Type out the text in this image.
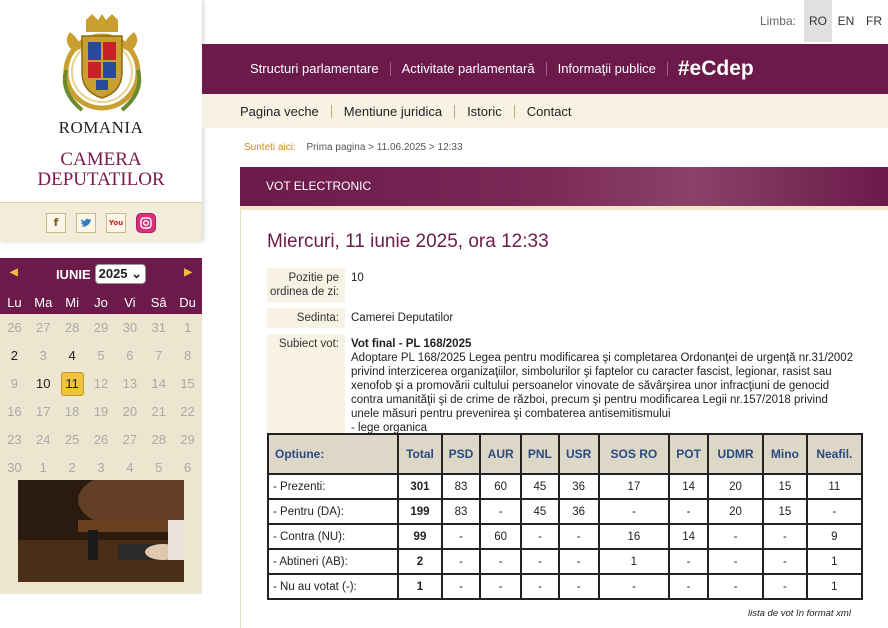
ROMANIA
CAMERA
DEPUTATILOR
f	You
◀	IUNIE 2025 ⌄	▶
Lu Ma Mi	Jo	Vi	Sâ Du
26	27	28	29	30	31	1
2	3	4	5	6	7	8
9	10	11	12	13	14	15
16	17	18	19	20	21	22
23	24	25	26	27	28	29
30	1	2	3	4	5	6
Limba:	RO EN FR
Structuri parlamentare	Activitate parlamentară	Informaţii publice	#eCdep
Pagina veche	Mentiune juridica	Istoric	Contact
Sunteti aici: Prima pagina > 11.06.2025 > 12:33
VOT ELECTRONIC
Miercuri, 11 iunie 2025, ora 12:33
Pozitie pe ordinea de zi:
10
Sedinta:	Camerei Deputatilor
Subiect vot:	Vot final - PL 168/2025
Adoptare PL 168/2025 Legea pentru modificarea şi completarea Ordonanţei de urgenţă nr.31/2002 privind interzicerea organizaţiilor, simbolurilor şi faptelor cu caracter fascist, legionar, rasist sau xenofob şi a promovării cultului persoanelor vinovate de săvârşirea unor infracţiuni de genocid contra umanităţii şi de crime de război, precum şi pentru modificarea Legii nr.157/2018 privind unele măsuri pentru prevenirea şi combaterea antisemitismului
- lege organica
Optiune:	Total	PSD	AUR	PNL	USR	SOS RO	POT	UDMR	Mino	Neafil.
- Prezenti:	301	83	60	45	36	17	14	20	15	11
- Pentru (DA):	199	83	-	45	36	-	-	20	15	-
- Contra (NU):	99	-	60	-	-	16	14	-	-	9
- Abtineri (AB):	2	-	-	-	-	1	-	-	-	1
- Nu au votat (-):	1	-	-	-	-	-	-	-	-	1
lista de vot în format xml
